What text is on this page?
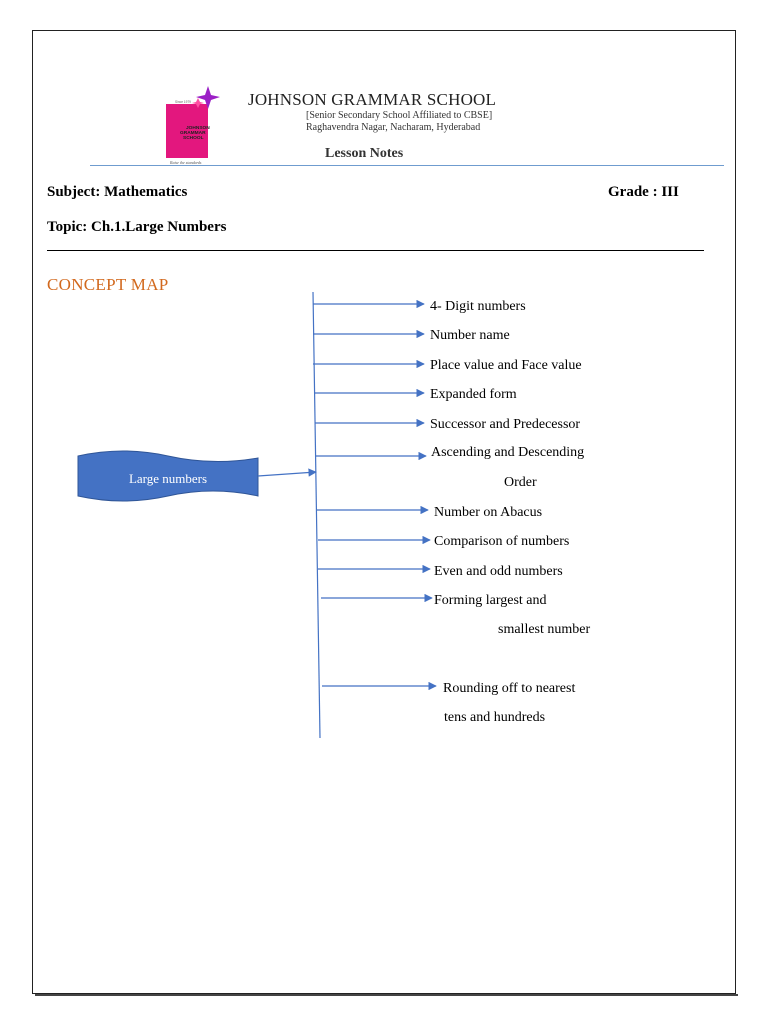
Since 1979
JOHNSON
GRAMMAR
SCHOOL
Raise the standards
JOHNSON GRAMMAR SCHOOL
[Senior Secondary School Affiliated to CBSE]
Raghavendra Nagar, Nacharam, Hyderabad
Lesson Notes
Subject: Mathematics	Grade : III
Topic: Ch.1.Large Numbers
CONCEPT MAP
Large numbers
4- Digit numbers
Number name
Place value and Face value
Expanded form
Successor and Predecessor
Ascending and Descending
Order
Number on Abacus
Comparison of numbers
Even and odd numbers
Forming largest and
smallest number
Rounding off to nearest
tens and hundreds
